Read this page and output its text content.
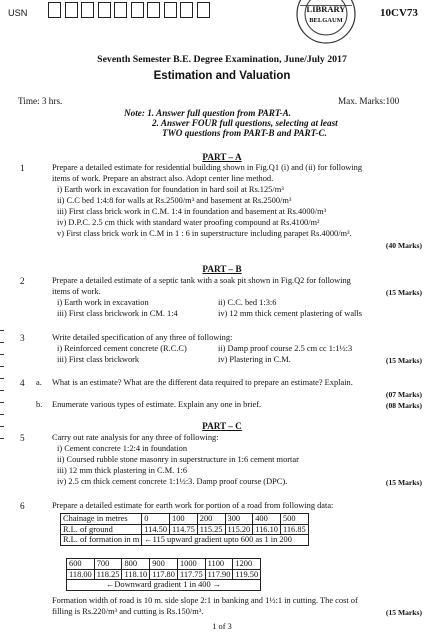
USN	LIBRARY
BELGAUM
10CV73
Seventh Semester B.E. Degree Examination, June/July 2017
Estimation and Valuation
Time: 3 hrs.	Max. Marks:100
Note: 1. Answer full question from PART-A.
2. Answer FOUR full questions, selecting at least
TWO questions from PART-B and PART-C.
PART – A
1	Prepare a detailed estimate for residential building shown in Fig.Q1 (i) and (ii) for following
items of work. Prepare an abstract also. Adopt center line method.
i) Earth work in excavation for foundation in hard soil at Rs.125/m³
ii) C.C bed 1:4:8 for walls at Rs.2500/m³ and basement at Rs.2500/m³
iii) First class brick work in C.M. 1:4 in foundation and basement at Rs.4000/m³
iv) D.P.C. 2.5 cm thick with standard water proofing compound at Rs.4100/m²
v) First class brick work in C.M in 1 : 6 in superstructure including parapet Rs.4000/m³.
(40 Marks)
PART – B
2	Prepare a detailed estimate of a septic tank with a soak pit shown in Fig.Q2 for following
items of work.	(15 Marks)
i) Earth work in excavation
iii) First class brickwork in CM. 1:4
ii) C.C. bed 1:3:6
iv) 12 mm thick cement plastering of walls
3	Write detailed specification of any three of following:
i) Reinforced cement concrete (R.C.C)
iii) First class brickwork
ii) Damp proof course 2.5 cm cc 1:1½:3
iv) Plastering in C.M.	(15 Marks)
4 a. What is an estimate? What are the different data required to prepare an estimate? Explain.
(07 Marks)
b. Enumerate various types of estimate. Explain any one in brief.	(08 Marks)
PART – C
5	Carry out rate analysis for any three of following:
i) Cement concrete 1:2:4 in foundation
ii) Coursed rubble stone masonry in superstructure in 1:6 cement mortar
iii) 12 mm thick plastering in C.M. 1:6
iv) 2.5 cm thick cement concrete 1:1½:3. Damp proof course (DPC).	(15 Marks)
6	Prepare a detailed estimate for earth work for portion of a road from following data:
Chainage in metres	0	100	200	300	400	500
R.L. of ground	114.50	114.75	115.25	115.20	116.10	116.85
R.L. of formation in m	←115 upward gradient upto 600 as 1 in 200					
600	700	800	900	1000	1100	1200
118.00	118.25	118.10	117.80	117.75	117.90	119.50
←Downward gradient 1 in 400 →						
Formation width of road is 10 m. side slope 2:1 in banking and 1½:1 in cutting. The cost of
filling is Rs.220/m³ and cutting is Rs.150/m³.	(15 Marks)
1 of 3
